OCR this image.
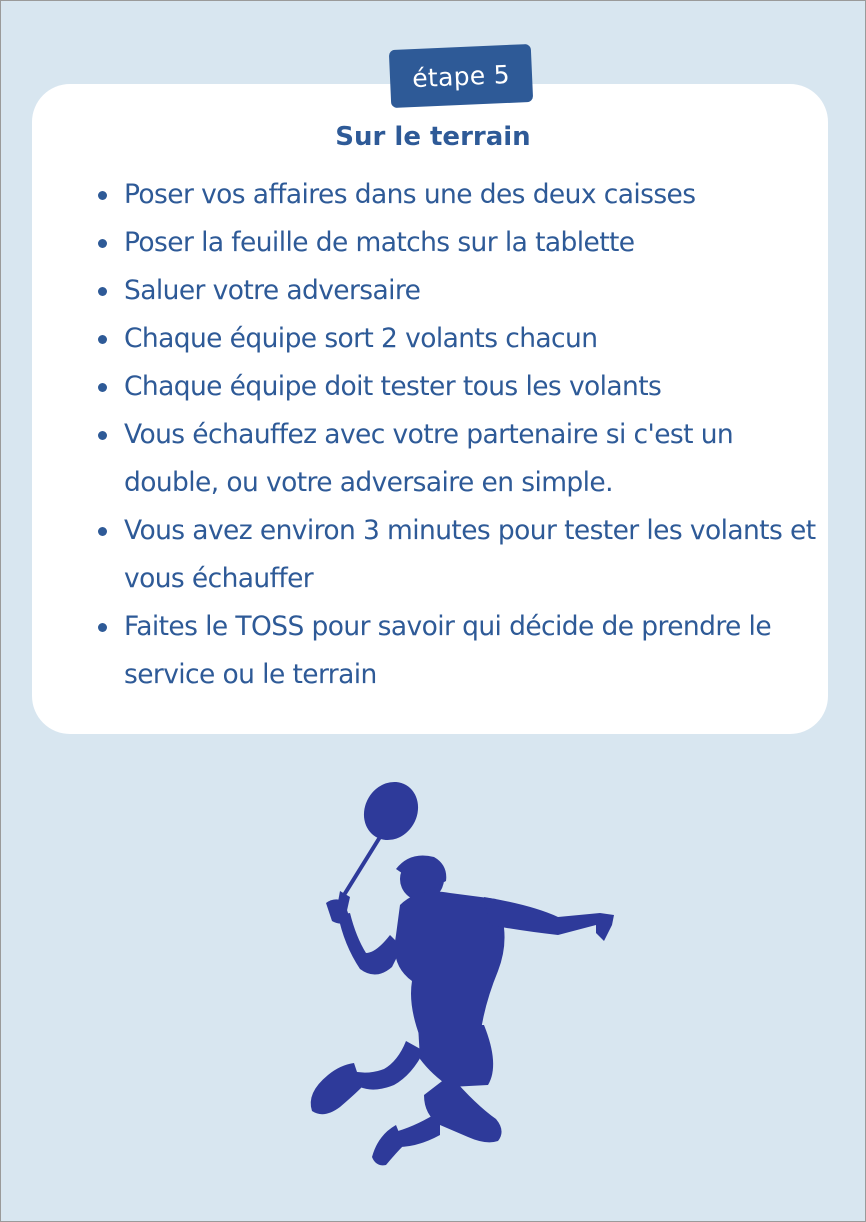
étape 5
Sur le terrain
Poser vos affaires dans une des deux caisses
Poser la feuille de matchs sur la tablette
Saluer votre adversaire
Chaque équipe sort 2 volants chacun
Chaque équipe doit tester tous les volants
Vous échauffez avec votre partenaire si c'est un double, ou votre adversaire en simple.
Vous avez environ 3 minutes pour tester les volants et vous échauffer
Faites le TOSS pour savoir qui décide de prendre le service ou le terrain
